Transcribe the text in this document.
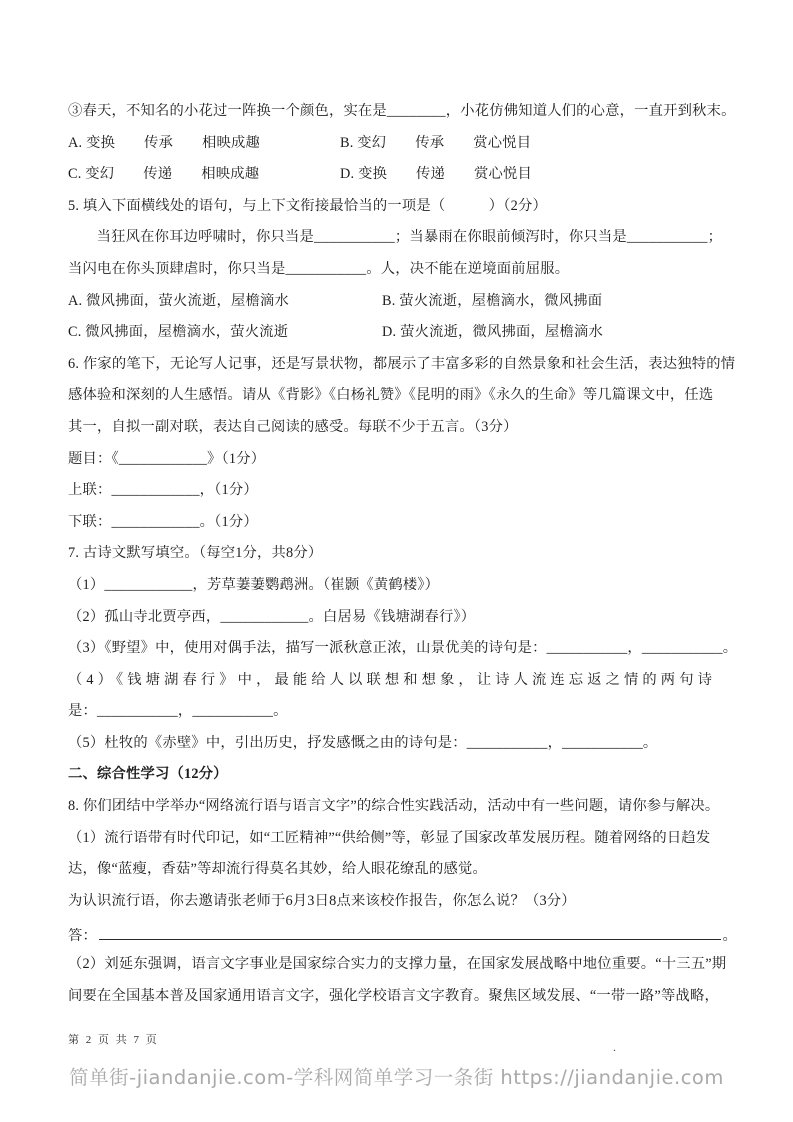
③春天，不知名的小花过一阵换一个颜色，实在是________，小花仿佛知道人们的心意，一直开到秋末。
A. 变换　　传承　　相映成趣	B. 变幻　　传承　　赏心悦目
C. 变幻　　传递　　相映成趣	D. 变换　　传递　　赏心悦目
5. 填入下面横线处的语句，与上下文衔接最恰当的一项是（　　　）（2分）
当狂风在你耳边呼啸时，你只当是___________；当暴雨在你眼前倾泻时，你只当是___________；
当闪电在你头顶肆虐时，你只当是___________。人，决不能在逆境面前屈服。
A. 微风拂面，萤火流逝，屋檐滴水	B. 萤火流逝，屋檐滴水，微风拂面
C. 微风拂面，屋檐滴水，萤火流逝	D. 萤火流逝，微风拂面，屋檐滴水
6. 作家的笔下，无论写人记事，还是写景状物，都展示了丰富多彩的自然景象和社会生活，表达独特的情
感体验和深刻的人生感悟。请从《背影》《白杨礼赞》《昆明的雨》《永久的生命》等几篇课文中，任选
其一，自拟一副对联，表达自己阅读的感受。每联不少于五言。（3分）
题目：《____________》（1分）
上联：____________，（1分）
下联：____________。（1分）
7. 古诗文默写填空。（每空1分，共8分）
（1）____________，芳草萋萋鹦鹉洲。（崔颢《黄鹤楼》）
（2）孤山寺北贾亭西，____________。白居易《钱塘湖春行》）
（3）《野望》中，使用对偶手法，描写一派秋意正浓，山景优美的诗句是：___________，___________。
（4）《钱塘湖春行》中，最能给人以联想和想象，让诗人流连忘返之情的两句诗
是：___________，___________。
（5）杜牧的《赤壁》中，引出历史，抒发感慨之由的诗句是：___________，___________。
二、综合性学习（12分）
8. 你们团结中学举办“网络流行语与语言文字”的综合性实践活动，活动中有一些问题，请你参与解决。
（1）流行语带有时代印记，如“工匠精神”“供给侧”等，彰显了国家改革发展历程。随着网络的日趋发
达，像“蓝瘦，香菇”等却流行得莫名其妙，给人眼花缭乱的感觉。
为认识流行语，你去邀请张老师于6月3日8点来该校作报告，你怎么说？（3分）
答：	。
（2）刘延东强调，语言文字事业是国家综合实力的支撑力量，在国家发展战略中地位重要。“十三五”期
间要在全国基本普及国家通用语言文字，强化学校语言文字教育。聚焦区域发展、“一带一路”等战略，
第 2 页 共 7 页	.
简单街-jiandanjie.com-学科网简单学习一条街 https://jiandanjie.com
